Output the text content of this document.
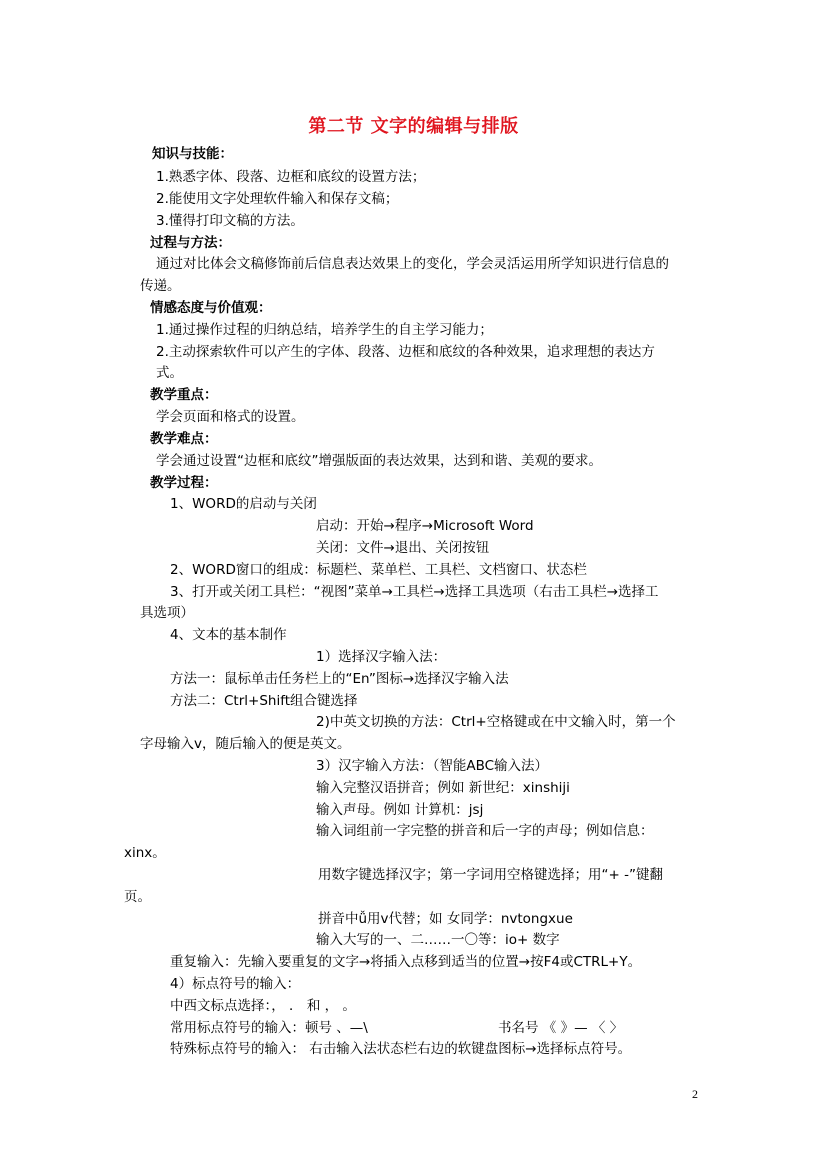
第二节 文字的编辑与排版
知识与技能：
1.熟悉字体、段落、边框和底纹的设置方法；
2.能使用文字处理软件输入和保存文稿；
3.懂得打印文稿的方法。
过程与方法：
通过对比体会文稿修饰前后信息表达效果上的变化，学会灵活运用所学知识进行信息的
传递。
情感态度与价值观：
1.通过操作过程的归纳总结，培养学生的自主学习能力；
2.主动探索软件可以产生的字体、段落、边框和底纹的各种效果，追求理想的表达方
式。
教学重点：
学会页面和格式的设置。
教学难点：
学会通过设置“边框和底纹”增强版面的表达效果，达到和谐、美观的要求。
教学过程：
1、WORD的启动与关闭
启动：开始→程序→Microsoft Word
关闭：文件→退出、关闭按钮
2、WORD窗口的组成：标题栏、菜单栏、工具栏、文档窗口、状态栏
3、打开或关闭工具栏：“视图”菜单→工具栏→选择工具选项（右击工具栏→选择工
具选项）
4、文本的基本制作
1）选择汉字输入法：
方法一：鼠标单击任务栏上的“En”图标→选择汉字输入法
方法二：Ctrl+Shift组合键选择
2)中英文切换的方法：Ctrl+空格键或在中文输入时，第一个
字母输入v，随后输入的便是英文。
3）汉字输入方法：（智能ABC输入法）
输入完整汉语拼音；例如 新世纪：xinshiji
输入声母。例如 计算机：jsj
输入词组前一字完整的拼音和后一字的声母；例如信息：
xinx。
用数字键选择汉字；第一字词用空格键选择；用“+ -”键翻
页。
拼音中ǚ用v代替；如 女同学：nvtongxue
输入大写的一、二……一〇等：io+ 数字
重复输入：先输入要重复的文字→将插入点移到适当的位置→按F4或CTRL+Y。
4）标点符号的输入：
中西文标点选择：， ． 和 ， 。
常用标点符号的输入：顿号 、—\	书名号 《 》— 〈 〉
特殊标点符号的输入： 右击输入法状态栏右边的软键盘图标→选择标点符号。
2
